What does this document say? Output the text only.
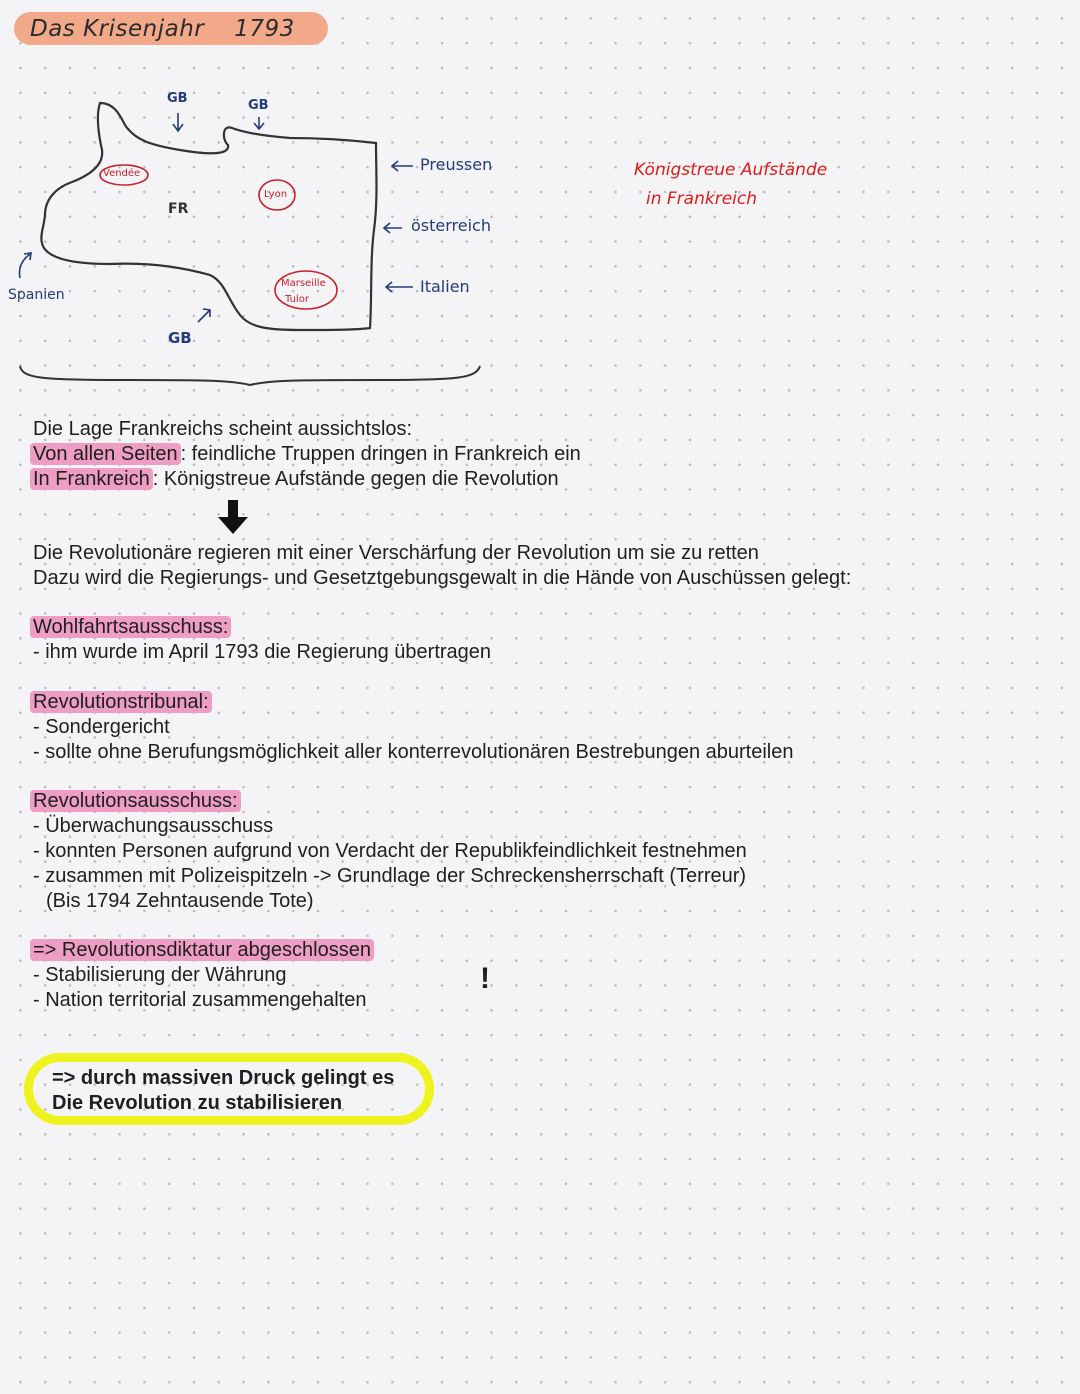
Das Krisenjahr 1793
GB	GB
GB
FR
Spanien
Vendée
Lyon
Marseille
Tulor
Preussen
österreich
Italien
Königstreue Aufstände
in Frankreich
Die Lage Frankreichs scheint aussichtslos:
Von allen Seiten : feindliche Truppen dringen in Frankreich ein
In Frankreich : Königstreue Aufstände gegen die Revolution
Die Revolutionäre regieren mit einer Verschärfung der Revolution um sie zu retten
Dazu wird die Regierungs- und Gesetztgebungsgewalt in die Hände von Auschüssen gelegt:
Wohlfahrtsausschuss:
- ihm wurde im April 1793 die Regierung übertragen
Revolutionstribunal:
- Sondergericht
- sollte ohne Berufungsmöglichkeit aller konterrevolutionären Bestrebungen aburteilen
Revolutionsausschuss:
- Überwachungsausschuss
- konnten Personen aufgrund von Verdacht der Republikfeindlichkeit festnehmen
- zusammen mit Polizeispitzeln -> Grundlage der Schreckensherrschaft (Terreur)
(Bis 1794 Zehntausende Tote)
=> Revolutionsdiktatur abgeschlossen
- Stabilisierung der Währung
- Nation territorial zusammengehalten
!
=> durch massiven Druck gelingt es
Die Revolution zu stabilisieren
